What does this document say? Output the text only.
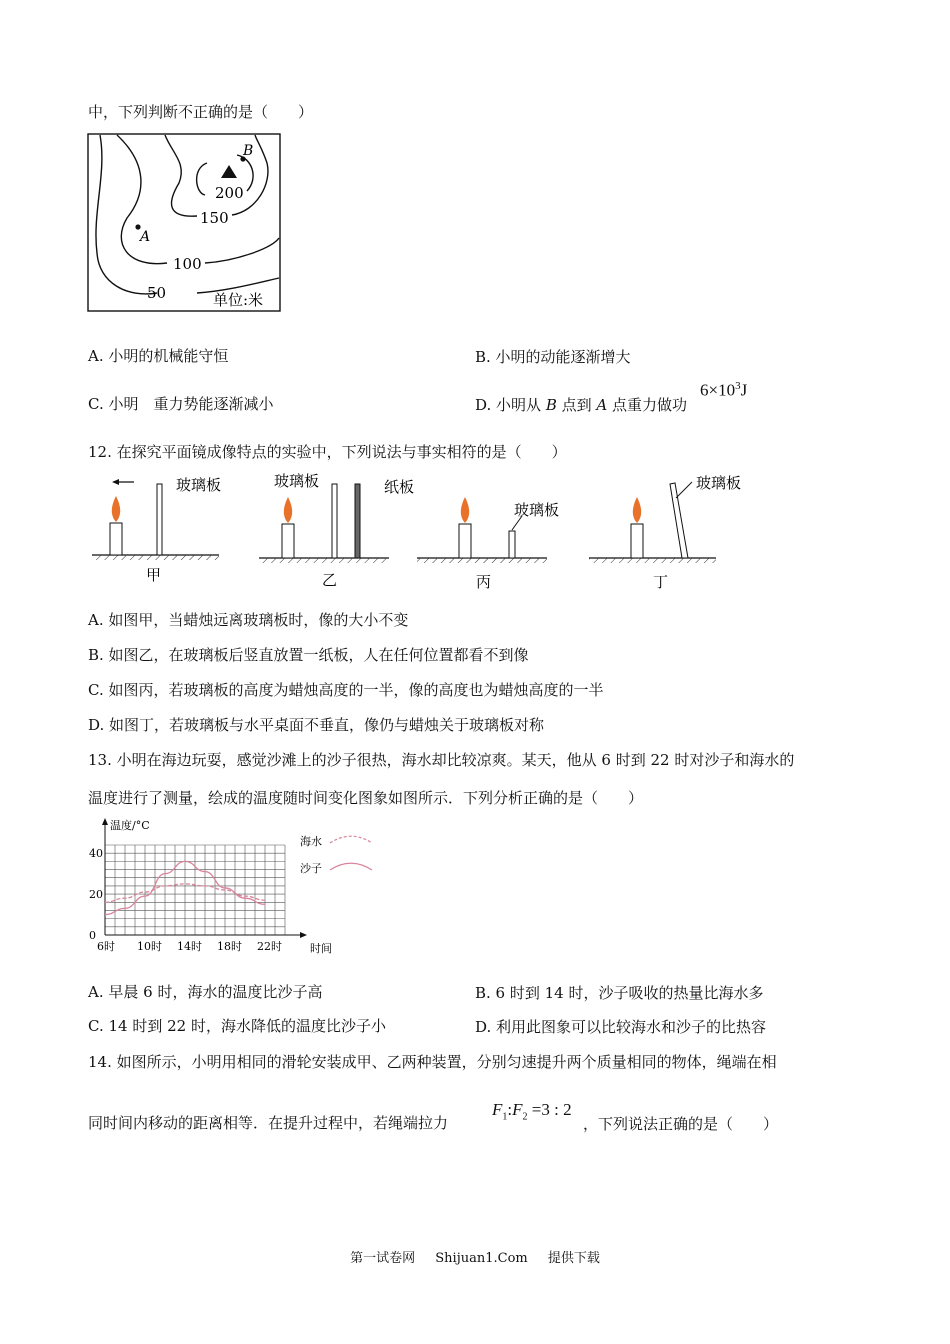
中，下列判断不正确的是（　　）
B
A
200
150
100
50	单位:米
A. 小明的机械能守恒	B. 小明的动能逐渐增大
C. 小明　重力势能逐渐减小	D. 小明从 B 点到 A 点重力做功
$6\times 10^3J$
12. 在探究平面镜成像特点的实验中，下列说法与事实相符的是（　　）
玻璃板
甲
玻璃板	纸板
乙
玻璃板
丙
玻璃板
丁
A. 如图甲，当蜡烛远离玻璃板时，像的大小不变
B. 如图乙，在玻璃板后竖直放置一纸板，人在任何位置都看不到像
C. 如图丙，若玻璃板的高度为蜡烛高度的一半，像的高度也为蜡烛高度的一半
D. 如图丁，若玻璃板与水平桌面不垂直，像仍与蜡烛关于玻璃板对称
13. 小明在海边玩耍，感觉沙滩上的沙子很热，海水却比较凉爽。某天，他从 6 时到 22 时对沙子和海水的
温度进行了测量，绘成的温度随时间变化图象如图所示．下列分析正确的是（　　）
6时 10时 14时 18时 22时
0
20
40
温度/°C
时间
海水
沙子
A. 早晨 6 时，海水的温度比沙子高	B. 6 时到 14 时，沙子吸收的热量比海水多
C. 14 时到 22 时，海水降低的温度比沙子小	D. 利用此图象可以比较海水和沙子的比热容
14. 如图所示，小明用相同的滑轮安装成甲、乙两种装置，分别匀速提升两个质量相同的物体，绳端在相
同时间内移动的距离相等．在提升过程中，若绳端拉力
$F_1:F_2 =3$ : 2
，下列说法正确的是（　　）
第一试卷网 Shijuan1.Com 提供下载
